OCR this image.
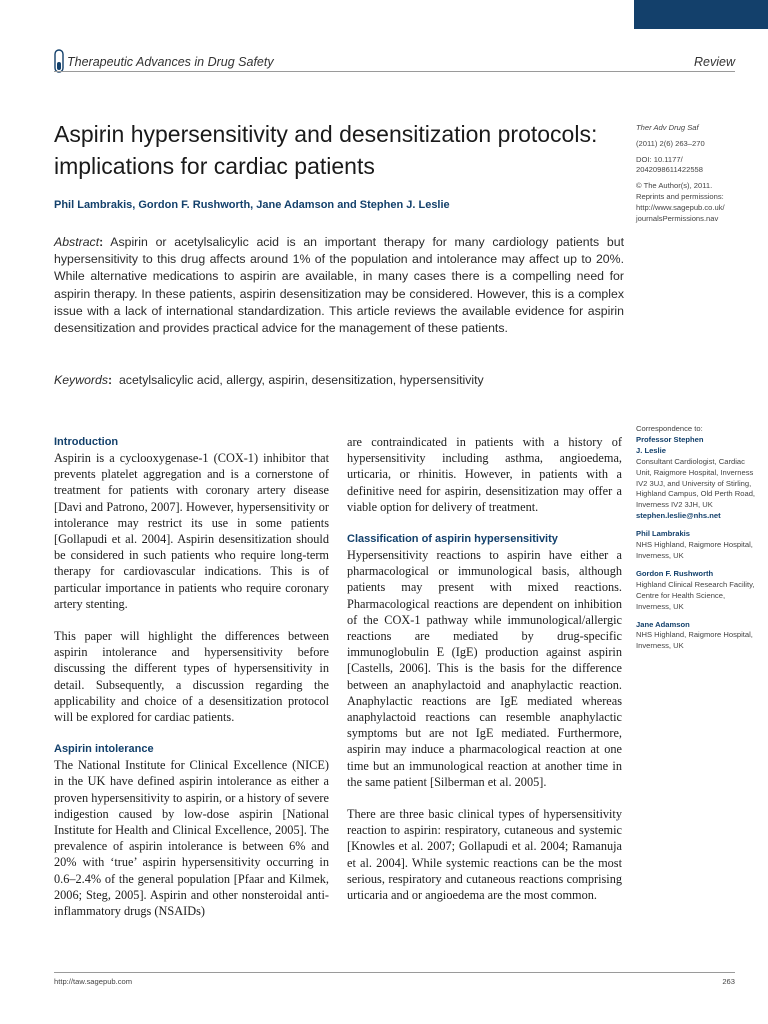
Therapeutic Advances in Drug Safety	Review
Aspirin hypersensitivity and desensitization protocols: implications for cardiac patients

Phil Lambrakis, Gordon F. Rushworth, Jane Adamson and Stephen J. Leslie

Abstract: Aspirin or acetylsalicylic acid is an important therapy for many cardiology patients but hypersensitivity to this drug affects around 1% of the population and intolerance may affect up to 20%. While alternative medications to aspirin are available, in many cases there is a compelling need for aspirin therapy. In these patients, aspirin desensitization may be considered. However, this is a complex issue with a lack of international standardization. This article reviews the available evidence for aspirin desensitization and provides practical advice for the management of these patients.

Keywords: acetylsalicylic acid, allergy, aspirin, desensitization, hypersensitivity

Ther Adv Drug Saf
(2011) 2(6) 263–270
DOI: 10.1177/
2042098611422558
© The Author(s), 2011.
Reprints and permissions:
http://www.sagepub.co.uk/
journalsPermissions.nav
Correspondence to:
Professor Stephen
J. Leslie
Consultant Cardiologist, Cardiac Unit, Raigmore Hospital, Inverness IV2 3UJ, and University of Stirling, Highland Campus, Old Perth Road, Inverness IV2 3JH, UK
stephen.leslie@nhs.net
Phil Lambrakis
NHS Highland, Raigmore Hospital, Inverness, UK
Gordon F. Rushworth
Highland Clinical Research Facility, Centre for Health Science, Inverness, UK
Jane Adamson
NHS Highland, Raigmore Hospital, Inverness, UK
Introduction

Aspirin is a cyclooxygenase-1 (COX-1) inhibitor that prevents platelet aggregation and is a cornerstone of treatment for patients with coronary artery disease [Davi and Patrono, 2007]. However, hypersensitivity or intolerance may restrict its use in some patients [Gollapudi et al. 2004]. Aspirin desensitization should be considered in such patients who require long-term therapy for cardiovascular indications. This is of particular importance in patients who require coronary artery stenting.

This paper will highlight the differences between aspirin intolerance and hypersensitivity before discussing the different types of hypersensitivity in detail. Subsequently, a discussion regarding the applicability and choice of a desensitization protocol will be explored for cardiac patients.

Aspirin intolerance

The National Institute for Clinical Excellence (NICE) in the UK have defined aspirin intolerance as either a proven hypersensitivity to aspirin, or a history of severe indigestion caused by low-dose aspirin [National Institute for Health and Clinical Excellence, 2005]. The prevalence of aspirin intolerance is between 6% and 20% with ‘true’ aspirin hypersensitivity occurring in 0.6–2.4% of the general population [Pfaar and Kilmek, 2006; Steg, 2005]. Aspirin and other nonsteroidal anti-inflammatory drugs (NSAIDs)

are contraindicated in patients with a history of hypersensitivity including asthma, angioedema, urticaria, or rhinitis. However, in patients with a definitive need for aspirin, desensitization may offer a viable option for delivery of treatment.

Classification of aspirin hypersensitivity

Hypersensitivity reactions to aspirin have either a pharmacological or immunological basis, although patients may present with mixed reactions. Pharmacological reactions are dependent on inhibition of the COX-1 pathway while immunological/allergic reactions are mediated by drug-specific immunoglobulin E (IgE) production against aspirin [Castells, 2006]. This is the basis for the difference between an anaphylactoid and anaphylactic reaction. Anaphylactic reactions are IgE mediated whereas anaphylactoid reactions can resemble anaphylactic symptoms but are not IgE mediated. Furthermore, aspirin may induce a pharmacological reaction at one time but an immunological reaction at another time in the same patient [Silberman et al. 2005].

There are three basic clinical types of hypersensitivity reaction to aspirin: respiratory, cutaneous and systemic [Knowles et al. 2007; Gollapudi et al. 2004; Ramanuja et al. 2004]. While systemic reactions can be the most serious, respiratory and cutaneous reactions comprising urticaria and or angioedema are the most common.

http://taw.sagepub.com	263
